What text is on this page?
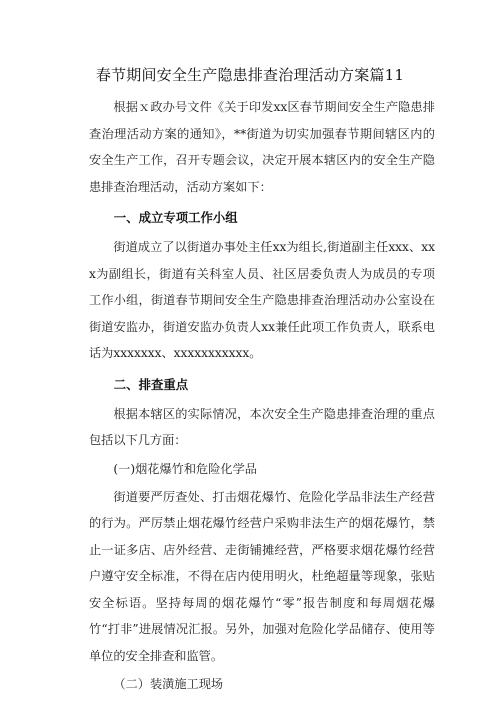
春节期间安全生产隐患排查治理活动方案篇11

根据ｘ政办号文件《关于印发xx区春节期间安全生产隐患排查治理活动方案的通知》，**街道为切实加强春节期间辖区内的安全生产工作，召开专题会议，决定开展本辖区内的安全生产隐患排查治理活动，活动方案如下：

一、成立专项工作小组

街道成立了以街道办事处主任xx为组长,街道副主任xxx、xxx为副组长，街道有关科室人员、社区居委负责人为成员的专项工作小组，街道春节期间安全生产隐患排查治理活动办公室设在街道安监办，街道安监办负责人xx兼任此项工作负责人，联系电话为xxxxxxx、xxxxxxxxxxx。

二、排查重点

根据本辖区的实际情况，本次安全生产隐患排查治理的重点包括以下几方面：

(一)烟花爆竹和危险化学品

街道要严厉查处、打击烟花爆竹、危险化学品非法生产经营的行为。严厉禁止烟花爆竹经营户采购非法生产的烟花爆竹，禁止一证多店、店外经营、走街铺摊经营，严格要求烟花爆竹经营户遵守安全标准，不得在店内使用明火，杜绝超量等现象，张贴安全标语。坚持每周的烟花爆竹“零”报告制度和每周烟花爆竹“打非”进展情况汇报。另外，加强对危险化学品储存、使用等单位的安全排查和监管。

（二）装潢施工现场
